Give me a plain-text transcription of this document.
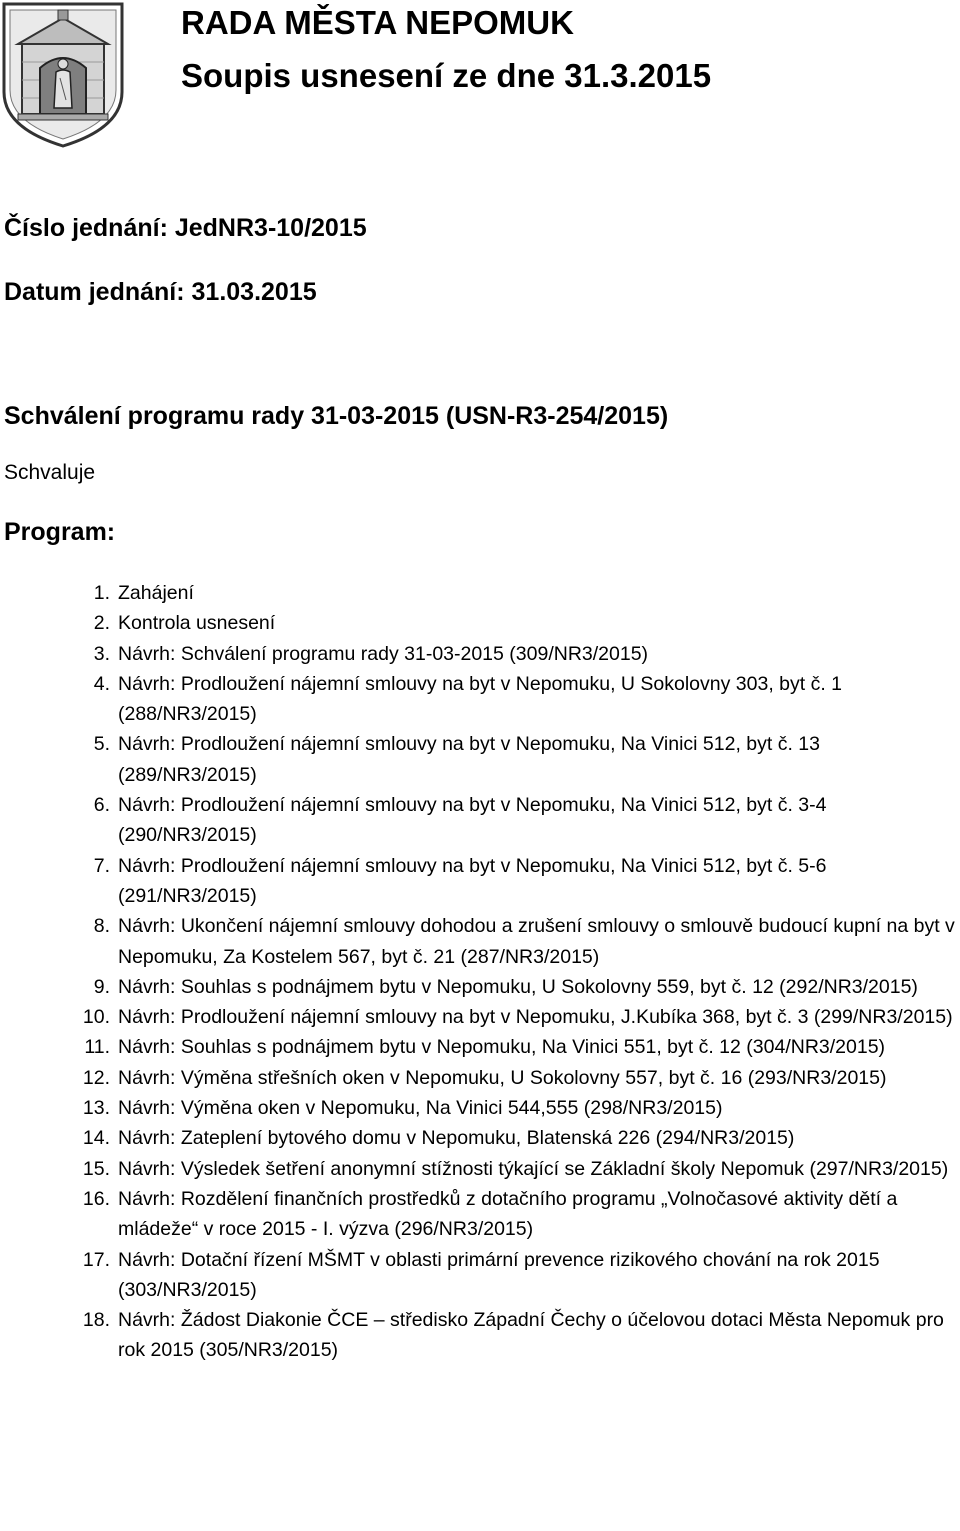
RADA MĚSTA NEPOMUK
Soupis usnesení ze dne 31.3.2015
Číslo jednání: JedNR3-10/2015
Datum jednání: 31.03.2015
Schválení programu rady 31-03-2015 (USN-R3-254/2015)
Schvaluje
Program:
1. Zahájení
2. Kontrola usnesení
3. Návrh: Schválení programu rady 31-03-2015 (309/NR3/2015)
4. Návrh: Prodloužení nájemní smlouvy na byt v Nepomuku, U Sokolovny 303, byt č. 1 (288/NR3/2015)
5. Návrh: Prodloužení nájemní smlouvy na byt v Nepomuku, Na Vinici 512, byt č. 13 (289/NR3/2015)
6. Návrh: Prodloužení nájemní smlouvy na byt v Nepomuku, Na Vinici 512, byt č. 3-4 (290/NR3/2015)
7. Návrh: Prodloužení nájemní smlouvy na byt v Nepomuku, Na Vinici 512, byt č. 5-6 (291/NR3/2015)
8. Návrh: Ukončení nájemní smlouvy dohodou a zrušení smlouvy o smlouvě budoucí kupní na byt v Nepomuku, Za Kostelem 567, byt č. 21 (287/NR3/2015)
9. Návrh: Souhlas s podnájmem bytu v Nepomuku, U Sokolovny 559, byt č. 12 (292/NR3/2015)
10. Návrh: Prodloužení nájemní smlouvy na byt v Nepomuku, J.Kubíka 368, byt č. 3 (299/NR3/2015)
11. Návrh: Souhlas s podnájmem bytu v Nepomuku, Na Vinici 551, byt č. 12 (304/NR3/2015)
12. Návrh: Výměna střešních oken v Nepomuku, U Sokolovny 557, byt č. 16 (293/NR3/2015)
13. Návrh: Výměna oken v Nepomuku, Na Vinici 544,555 (298/NR3/2015)
14. Návrh: Zateplení bytového domu v Nepomuku, Blatenská 226 (294/NR3/2015)
15. Návrh: Výsledek šetření anonymní stížnosti týkající se Základní školy Nepomuk (297/NR3/2015)
16. Návrh: Rozdělení finančních prostředků z dotačního programu „Volnočasové aktivity dětí a mládeže“ v roce 2015 - I. výzva (296/NR3/2015)
17. Návrh: Dotační řízení MŠMT v oblasti primární prevence rizikového chování na rok 2015 (303/NR3/2015)
18. Návrh: Žádost Diakonie ČCE – středisko Západní Čechy o účelovou dotaci Města Nepomuk pro rok 2015 (305/NR3/2015)
